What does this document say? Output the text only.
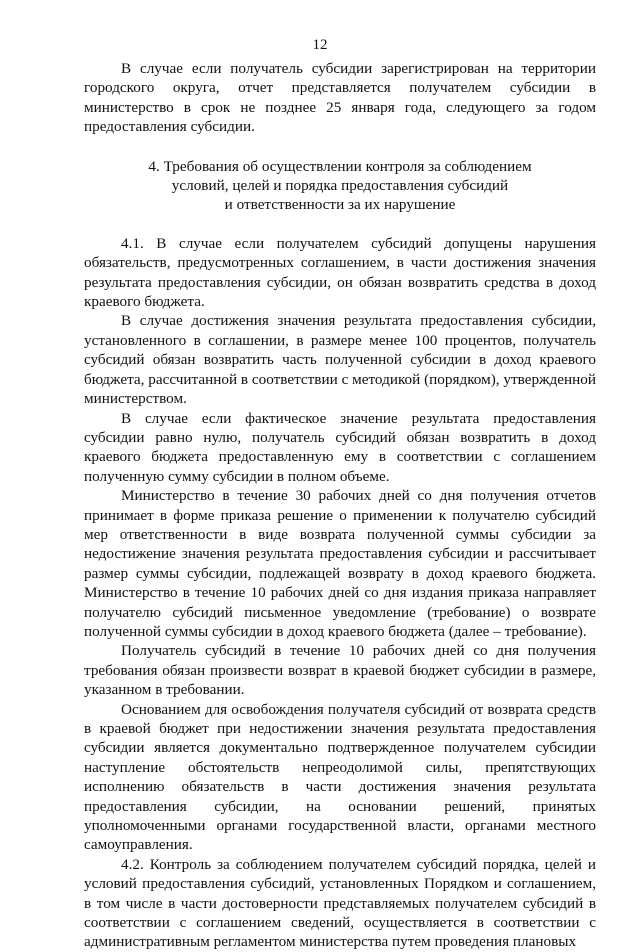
12

В случае если получатель субсидии зарегистрирован на территории городского округа, отчет представляется получателем субсидии в министерство в срок не позднее 25 января года, следующего за годом предоставления субсидии.

4. Требования об осуществлении контроля за соблюдением
условий, целей и порядка предоставления субсидий
и ответственности за их нарушение

4.1. В случае если получателем субсидий допущены нарушения обязательств, предусмотренных соглашением, в части достижения значения результата предоставления субсидии, он обязан возвратить средства в доход краевого бюджета.

В случае достижения значения результата предоставления субсидии, установленного в соглашении, в размере менее 100 процентов, получатель субсидий обязан возвратить часть полученной субсидии в доход краевого бюджета, рассчитанной в соответствии с методикой (порядком), утвержденной министерством.

В случае если фактическое значение результата предоставления субсидии равно нулю, получатель субсидий обязан возвратить в доход краевого бюджета предоставленную ему в соответствии с соглашением полученную сумму субсидии в полном объеме.

Министерство в течение 30 рабочих дней со дня получения отчетов принимает в форме приказа решение о применении к получателю субсидий мер ответственности в виде возврата полученной суммы субсидии за недостижение значения результата предоставления субсидии и рассчитывает размер суммы субсидии, подлежащей возврату в доход краевого бюджета. Министерство в течение 10 рабочих дней со дня издания приказа направляет получателю субсидий письменное уведомление (требование) о возврате полученной суммы субсидии в доход краевого бюджета (далее – требование).

Получатель субсидий в течение 10 рабочих дней со дня получения требования обязан произвести возврат в краевой бюджет субсидии в размере, указанном в требовании.

Основанием для освобождения получателя субсидий от возврата средств в краевой бюджет при недостижении значения результата предоставления субсидии является документально подтвержденное получателем субсидии наступление обстоятельств непреодолимой силы, препятствующих исполнению обязательств в части достижения значения результата предоставления субсидии, на основании решений, принятых уполномоченными органами государственной власти, органами местного самоуправления.

4.2. Контроль за соблюдением получателем субсидий порядка, целей и условий предоставления субсидий, установленных Порядком и соглашением, в том числе в части достоверности представляемых получателем субсидий в соответствии с соглашением сведений, осуществляется в соответствии с административным регламентом министерства путем проведения плановых
